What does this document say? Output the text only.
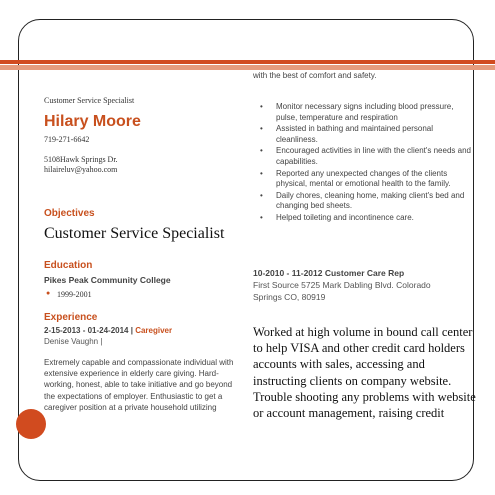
with the best of comfort and safety.
Customer Service Specialist
Hilary Moore
719-271-6642
5108Hawk Springs Dr.
hilaireluv@yahoo.com
Objectives
Customer Service Specialist
Education
Pikes Peak Community College
● 1999-2001
Experience
2-15-2013 - 01-24-2014 | Caregiver
Denise Vaughn |
Extremely capable and compassionate individual with
extensive experience in elderly care giving. Hard-
working, honest, able to take initiative and go beyond
the expectations of employer. Enthusiastic to get a
caregiver position at a private household utilizing
• Monitor necessary signs including blood pressure, pulse, temperature and respiration
• Assisted in bathing and maintained personal cleanliness.
• Encouraged activities in line with the client's needs and capabilities.
• Reported any unexpected changes of the clients physical, mental or emotional health to the family.
• Daily chores, cleaning home, making client's bed and changing bed sheets.
• Helped toileting and incontinence care.
10-2010 - 11-2012 Customer Care Rep
First Source 5725 Mark Dabling Blvd. Colorado
Springs CO, 80919
Worked at high volume in bound call center
to help VISA and other credit card holders
accounts with sales, accessing and
instructing clients on company website.
Trouble shooting any problems with website
or account management, raising credit
